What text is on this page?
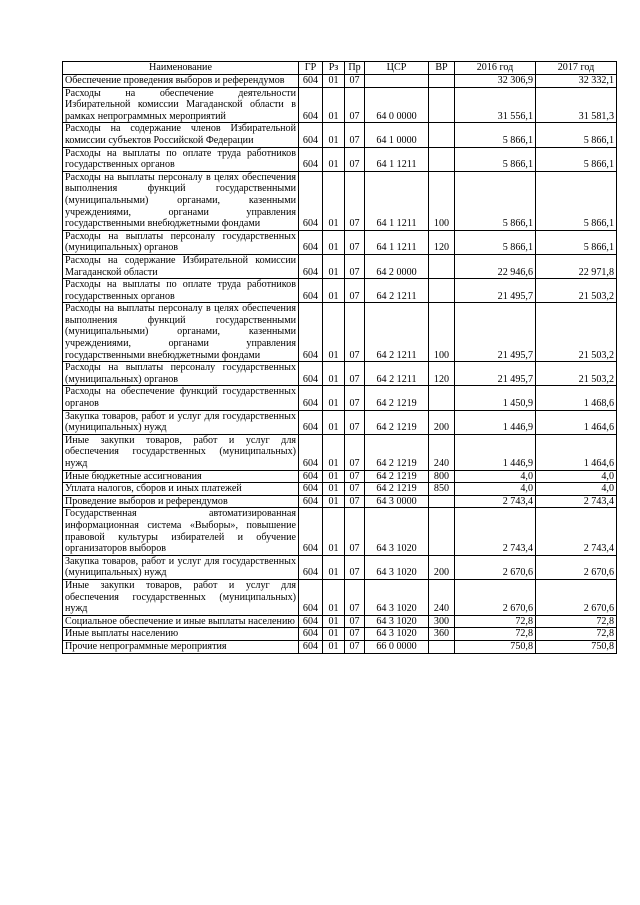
Наименование	ГР	Рз	Пр	ЦСР	ВР	2016 год	2017 год
Обеспечение проведения выборов и референдумов	604	01	07			32 306,9	32 332,1
Расходы на обеспечение деятельности Избирательной комиссии Магаданской области в рамках непрограммных мероприятий	604	01	07	64 0 0000		31 556,1	31 581,3
Расходы на содержание членов Избирательной комиссии субъектов Российской Федерации	604	01	07	64 1 0000		5 866,1	5 866,1
Расходы на выплаты по оплате труда работников государственных органов	604	01	07	64 1 1211		5 866,1	5 866,1
Расходы на выплаты персоналу в целях обеспечения выполнения функций государственными (муниципальными) органами, казенными учреждениями, органами управления государственными внебюджетными фондами	604	01	07	64 1 1211	100	5 866,1	5 866,1
Расходы на выплаты персоналу государственных (муниципальных) органов	604	01	07	64 1 1211	120	5 866,1	5 866,1
Расходы на содержание Избирательной комиссии Магаданской области	604	01	07	64 2 0000		22 946,6	22 971,8
Расходы на выплаты по оплате труда работников государственных органов	604	01	07	64 2 1211		21 495,7	21 503,2
Расходы на выплаты персоналу в целях обеспечения выполнения функций государственными (муниципальными) органами, казенными учреждениями, органами управления государственными внебюджетными фондами	604	01	07	64 2 1211	100	21 495,7	21 503,2
Расходы на выплаты персоналу государственных (муниципальных) органов	604	01	07	64 2 1211	120	21 495,7	21 503,2
Расходы на обеспечение функций государственных органов	604	01	07	64 2 1219		1 450,9	1 468,6
Закупка товаров, работ и услуг для государственных (муниципальных) нужд	604	01	07	64 2 1219	200	1 446,9	1 464,6
Иные закупки товаров, работ и услуг для обеспечения государственных (муниципальных) нужд	604	01	07	64 2 1219	240	1 446,9	1 464,6
Иные бюджетные ассигнования	604	01	07	64 2 1219	800	4,0	4,0
Уплата налогов, сборов и иных платежей	604	01	07	64 2 1219	850	4,0	4,0
Проведение выборов и референдумов	604	01	07	64 3 0000		2 743,4	2 743,4
Государственная автоматизированная информационная система «Выборы», повышение правовой культуры избирателей и обучение организаторов выборов	604	01	07	64 3 1020		2 743,4	2 743,4
Закупка товаров, работ и услуг для государственных (муниципальных) нужд	604	01	07	64 3 1020	200	2 670,6	2 670,6
Иные закупки товаров, работ и услуг для обеспечения государственных (муниципальных) нужд	604	01	07	64 3 1020	240	2 670,6	2 670,6
Социальное обеспечение и иные выплаты населению	604	01	07	64 3 1020	300	72,8	72,8
Иные выплаты населению	604	01	07	64 3 1020	360	72,8	72,8
Прочие непрограммные мероприятия	604	01	07	66 0 0000		750,8	750,8
